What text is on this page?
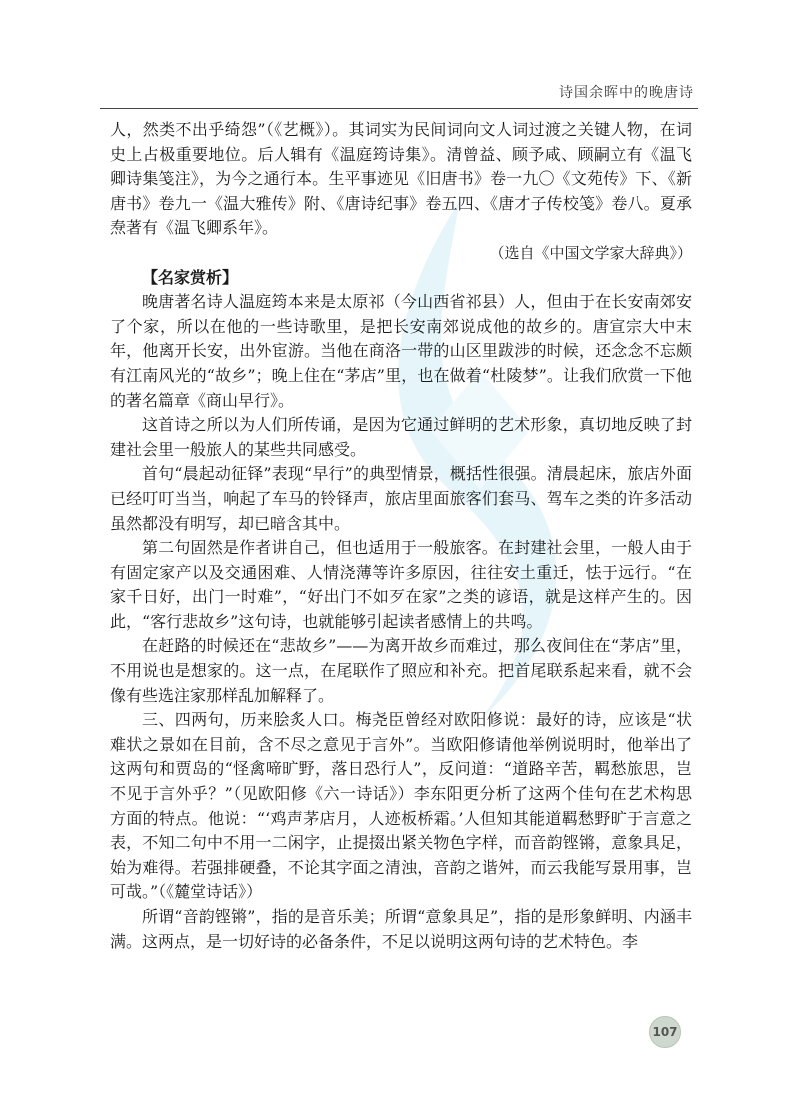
诗国余晖中的晚唐诗

人，然类不出乎绮怨”（《艺概》）。其词实为民间词向文人词过渡之关键人物，在词史上占极重要地位。后人辑有《温庭筠诗集》。清曾益、顾予咸、顾嗣立有《温飞卿诗集笺注》，为今之通行本。生平事迹见《旧唐书》卷一九〇《文苑传》下、《新唐书》卷九一《温大雅传》附、《唐诗纪事》卷五四、《唐才子传校笺》卷八。夏承焘著有《温飞卿系年》。

（选自《中国文学家大辞典》）

【名家赏析】

晚唐著名诗人温庭筠本来是太原祁（今山西省祁县）人，但由于在长安南郊安了个家，所以在他的一些诗歌里，是把长安南郊说成他的故乡的。唐宣宗大中末年，他离开长安，出外宦游。当他在商洛一带的山区里跋涉的时候，还念念不忘颇有江南风光的“故乡”；晚上住在“茅店”里，也在做着“杜陵梦”。让我们欣赏一下他的著名篇章《商山早行》。

这首诗之所以为人们所传诵，是因为它通过鲜明的艺术形象，真切地反映了封建社会里一般旅人的某些共同感受。

首句“晨起动征铎”表现“早行”的典型情景，概括性很强。清晨起床，旅店外面已经叮叮当当，响起了车马的铃铎声，旅店里面旅客们套马、驾车之类的许多活动虽然都没有明写，却已暗含其中。

第二句固然是作者讲自己，但也适用于一般旅客。在封建社会里，一般人由于有固定家产以及交通困难、人情浇薄等许多原因，往往安土重迁，怯于远行。“在家千日好，出门一时难”，“好出门不如歹在家”之类的谚语，就是这样产生的。因此，“客行悲故乡”这句诗，也就能够引起读者感情上的共鸣。

在赶路的时候还在“悲故乡”——为离开故乡而难过，那么夜间住在“茅店”里，不用说也是想家的。这一点，在尾联作了照应和补充。把首尾联系起来看，就不会像有些选注家那样乱加解释了。

三、四两句，历来脍炙人口。梅尧臣曾经对欧阳修说：最好的诗，应该是“状难状之景如在目前，含不尽之意见于言外”。当欧阳修请他举例说明时，他举出了这两句和贾岛的“怪禽啼旷野，落日恐行人”，反问道：“道路辛苦，羁愁旅思，岂不见于言外乎？”（见欧阳修《六一诗话》）李东阳更分析了这两个佳句在艺术构思方面的特点。他说：“‘鸡声茅店月，人迹板桥霜。’人但知其能道羁愁野旷于言意之表，不知二句中不用一二闲字，止提掇出紧关物色字样，而音韵铿锵，意象具足，始为难得。若强排硬叠，不论其字面之清浊，音韵之谐舛，而云我能写景用事，岂可哉。”（《麓堂诗话》）

所谓“音韵铿锵”，指的是音乐美；所谓“意象具足”，指的是形象鲜明、内涵丰满。这两点，是一切好诗的必备条件，不足以说明这两句诗的艺术特色。李

107
